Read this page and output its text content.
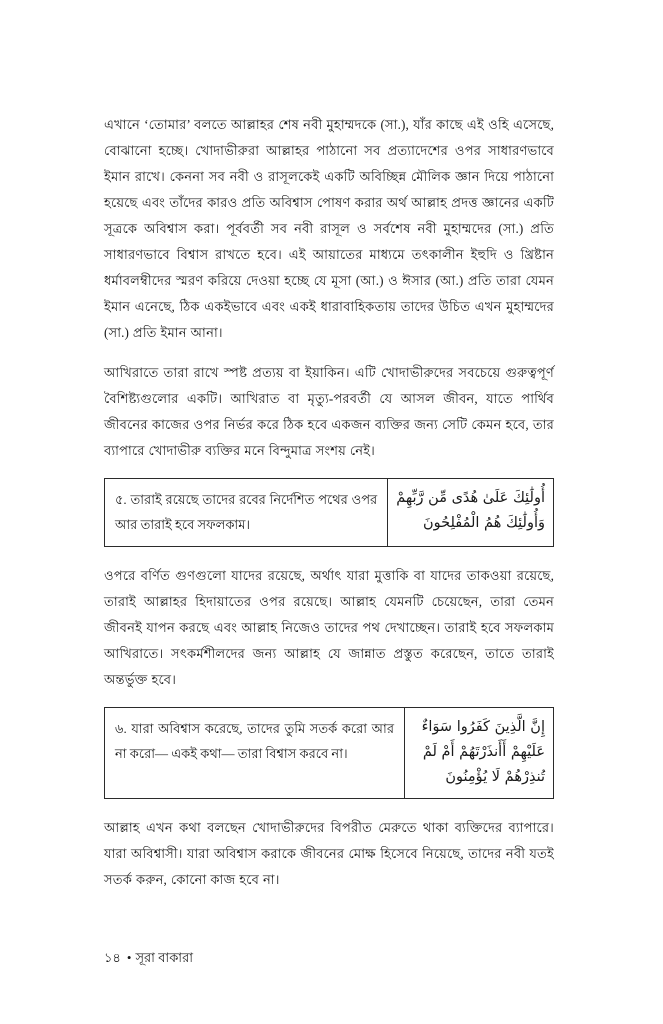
এখানে ‘তোমার’ বলতে আল্লাহর শেষ নবী মুহাম্মদকে (সা.), যাঁর কাছে এই ওহি এসেছে, বোঝানো হচ্ছে। খোদাভীরুরা আল্লাহর পাঠানো সব প্রত্যাদেশের ওপর সাধারণভাবে ইমান রাখে। কেননা সব নবী ও রাসূলকেই একটি অবিচ্ছিন্ন মৌলিক জ্ঞান দিয়ে পাঠানো হয়েছে এবং তাঁদের কারও প্রতি অবিশ্বাস পোষণ করার অর্থ আল্লাহ প্রদত্ত জ্ঞানের একটি সূত্রকে অবিশ্বাস করা। পূর্ববর্তী সব নবী রাসূল ও সর্বশেষ নবী মুহাম্মদের (সা.) প্রতি সাধারণভাবে বিশ্বাস রাখতে হবে। এই আয়াতের মাধ্যমে তৎকালীন ইহুদি ও খ্রিষ্টান ধর্মাবলম্বীদের স্মরণ করিয়ে দেওয়া হচ্ছে যে মূসা (আ.) ও ঈসার (আ.) প্রতি তারা যেমন ইমান এনেছে, ঠিক একইভাবে এবং একই ধারাবাহিকতায় তাদের উচিত এখন মুহাম্মদের (সা.) প্রতি ইমান আনা।

আখিরাতে তারা রাখে স্পষ্ট প্রত্যয় বা ইয়াকিন। এটি খোদাভীরুদের সবচেয়ে গুরুত্বপূর্ণ বৈশিষ্ট্যগুলোর একটি। আখিরাত বা মৃত্যু-পরবর্তী যে আসল জীবন, যাতে পার্থিব জীবনের কাজের ওপর নির্ভর করে ঠিক হবে একজন ব্যক্তির জন্য সেটি কেমন হবে, তার ব্যাপারে খোদাভীরু ব্যক্তির মনে বিন্দুমাত্র সংশয় নেই।

৫. তারাই রয়েছে তাদের রবের নির্দেশিত পথের ওপর আর তারাই হবে সফলকাম।
أُولَٰئِكَ عَلَىٰ هُدًى مِّن رَّبِّهِمْ
وَأُولَٰئِكَ هُمُ الْمُفْلِحُونَ

ওপরে বর্ণিত গুণগুলো যাদের রয়েছে, অর্থাৎ যারা মুত্তাকি বা যাদের তাকওয়া রয়েছে, তারাই আল্লাহর হিদায়াতের ওপর রয়েছে। আল্লাহ যেমনটি চেয়েছেন, তারা তেমন জীবনই যাপন করছে এবং আল্লাহ নিজেও তাদের পথ দেখাচ্ছেন। তারাই হবে সফলকাম আখিরাতে। সৎকর্মশীলদের জন্য আল্লাহ যে জান্নাত প্রস্তুত করেছেন, তাতে তারাই অন্তর্ভুক্ত হবে।

৬. যারা অবিশ্বাস করেছে, তাদের তুমি সতর্ক করো আর না করো— একই কথা— তারা বিশ্বাস করবে না।
إِنَّ الَّذِينَ كَفَرُوا سَوَاءٌ
عَلَيْهِمْ أَأَنذَرْتَهُمْ أَمْ لَمْ
تُنذِرْهُمْ لَا يُؤْمِنُونَ

আল্লাহ এখন কথা বলছেন খোদাভীরুদের বিপরীত মেরুতে থাকা ব্যক্তিদের ব্যাপারে। যারা অবিশ্বাসী। যারা অবিশ্বাস করাকে জীবনের মোক্ষ হিসেবে নিয়েছে, তাদের নবী যতই সতর্ক করুন, কোনো কাজ হবে না।

১৪ • সূরা বাকারা
